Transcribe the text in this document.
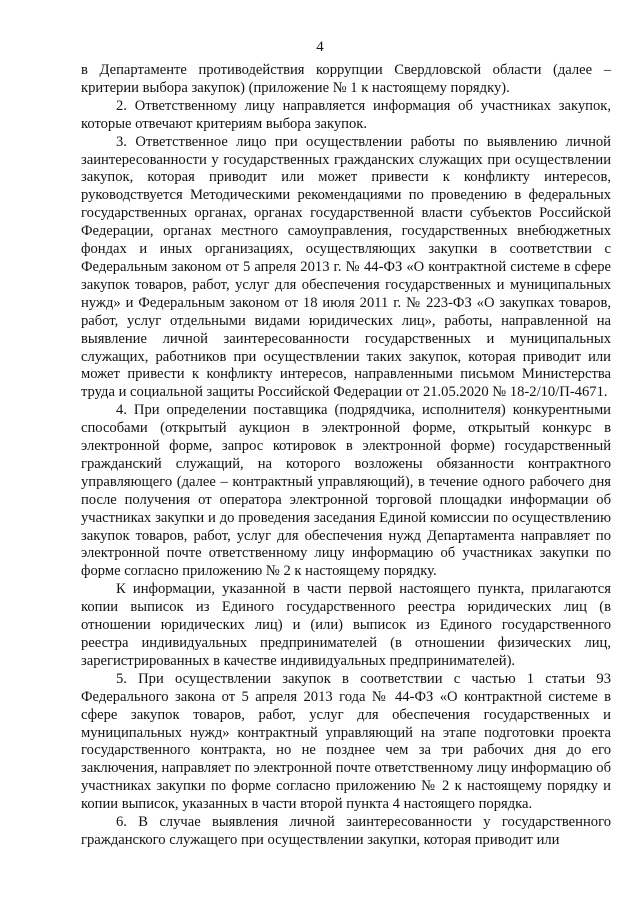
4

в Департаменте противодействия коррупции Свердловской области (далее – критерии выбора закупок) (приложение № 1 к настоящему порядку).

2. Ответственному лицу направляется информация об участниках закупок, которые отвечают критериям выбора закупок.

3. Ответственное лицо при осуществлении работы по выявлению личной заинтересованности у государственных гражданских служащих при осуществлении закупок, которая приводит или может привести к конфликту интересов, руководствуется Методическими рекомендациями по проведению в федеральных государственных органах, органах государственной власти субъектов Российской Федерации, органах местного самоуправления, государственных внебюджетных фондах и иных организациях, осуществляющих закупки в соответствии с Федеральным законом от 5 апреля 2013 г. № 44-ФЗ «О контрактной системе в сфере закупок товаров, работ, услуг для обеспечения государственных и муниципальных нужд» и Федеральным законом от 18 июля 2011 г. № 223-ФЗ «О закупках товаров, работ, услуг отдельными видами юридических лиц», работы, направленной на выявление личной заинтересованности государственных и муниципальных служащих, работников при осуществлении таких закупок, которая приводит или может привести к конфликту интересов, направленными письмом Министерства труда и социальной защиты Российской Федерации от 21.05.2020 № 18-2/10/П-4671.

4. При определении поставщика (подрядчика, исполнителя) конкурентными способами (открытый аукцион в электронной форме, открытый конкурс в электронной форме, запрос котировок в электронной форме) государственный гражданский служащий, на которого возложены обязанности контрактного управляющего (далее – контрактный управляющий), в течение одного рабочего дня после получения от оператора электронной торговой площадки информации об участниках закупки и до проведения заседания Единой комиссии по осуществлению закупок товаров, работ, услуг для обеспечения нужд Департамента направляет по электронной почте ответственному лицу информацию об участниках закупки по форме согласно приложению № 2 к настоящему порядку.

К информации, указанной в части первой настоящего пункта, прилагаются копии выписок из Единого государственного реестра юридических лиц (в отношении юридических лиц) и (или) выписок из Единого государственного реестра индивидуальных предпринимателей (в отношении физических лиц, зарегистрированных в качестве индивидуальных предпринимателей).

5. При осуществлении закупок в соответствии с частью 1 статьи 93 Федерального закона от 5 апреля 2013 года № 44-ФЗ «О контрактной системе в сфере закупок товаров, работ, услуг для обеспечения государственных и муниципальных нужд» контрактный управляющий на этапе подготовки проекта государственного контракта, но не позднее чем за три рабочих дня до его заключения, направляет по электронной почте ответственному лицу информацию об участниках закупки по форме согласно приложению № 2 к настоящему порядку и копии выписок, указанных в части второй пункта 4 настоящего порядка.

6. В случае выявления личной заинтересованности у государственного гражданского служащего при осуществлении закупки, которая приводит или
